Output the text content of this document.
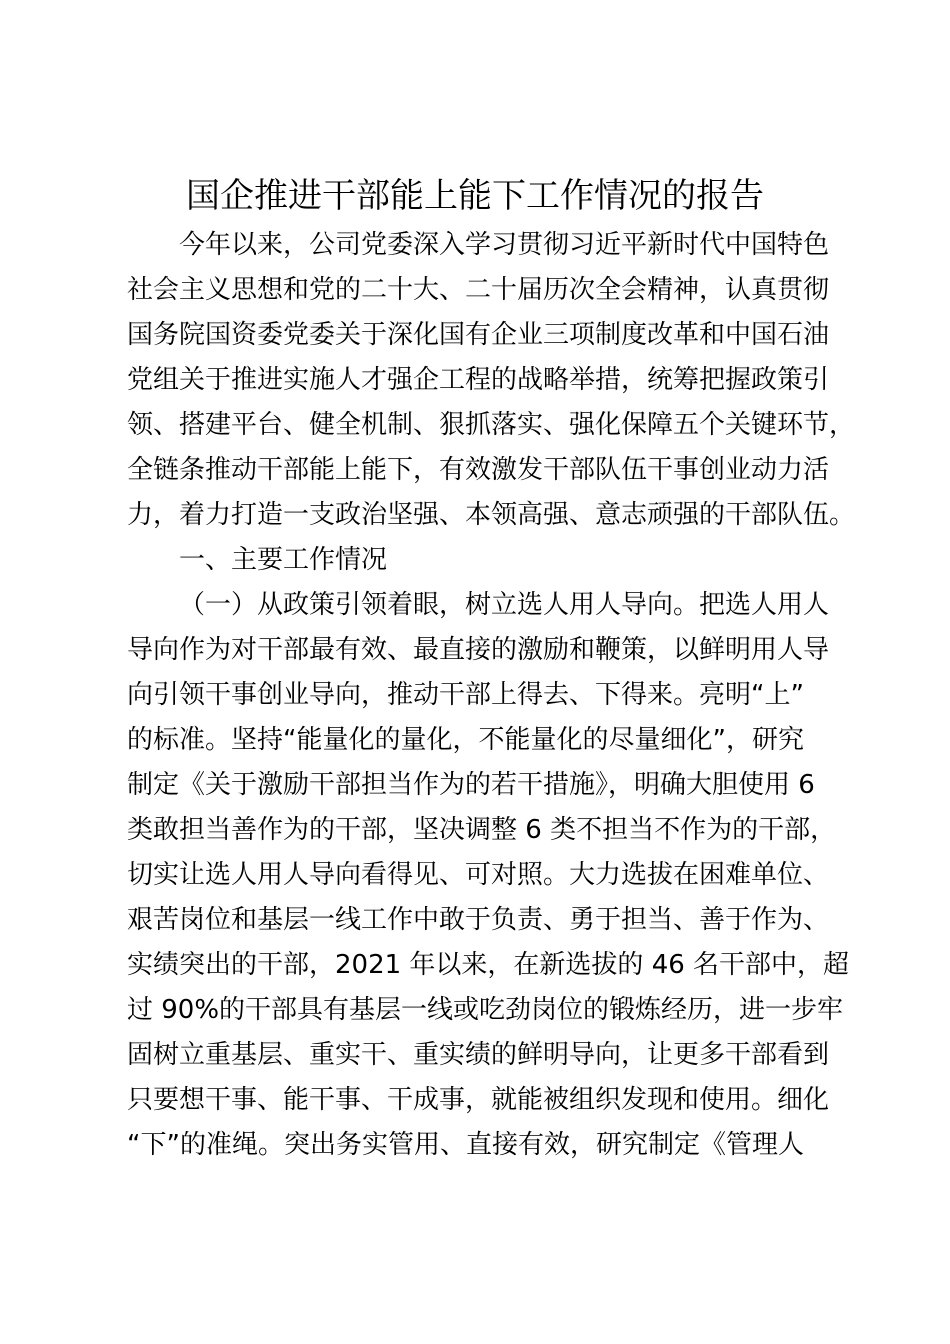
国企推进干部能上能下工作情况的报告
今年以来，公司党委深入学习贯彻习近平新时代中国特色
社会主义思想和党的二十大、二十届历次全会精神，认真贯彻
国务院国资委党委关于深化国有企业三项制度改革和中国石油
党组关于推进实施人才强企工程的战略举措，统筹把握政策引
领、搭建平台、健全机制、狠抓落实、强化保障五个关键环节，
全链条推动干部能上能下，有效激发干部队伍干事创业动力活
力，着力打造一支政治坚强、本领高强、意志顽强的干部队伍。
一、主要工作情况
（一）从政策引领着眼，树立选人用人导向。把选人用人
导向作为对干部最有效、最直接的激励和鞭策，以鲜明用人导
向引领干事创业导向，推动干部上得去、下得来。亮明“上”
的标准。坚持“能量化的量化，不能量化的尽量细化”，研究
制定《关于激励干部担当作为的若干措施》，明确大胆使用 6
类敢担当善作为的干部，坚决调整 6 类不担当不作为的干部，
切实让选人用人导向看得见、可对照。大力选拔在困难单位、
艰苦岗位和基层一线工作中敢于负责、勇于担当、善于作为、
实绩突出的干部，2021 年以来，在新选拔的 46 名干部中，超
过 90%的干部具有基层一线或吃劲岗位的锻炼经历，进一步牢
固树立重基层、重实干、重实绩的鲜明导向，让更多干部看到
只要想干事、能干事、干成事，就能被组织发现和使用。细化
“下”的准绳。突出务实管用、直接有效，研究制定《管理人
